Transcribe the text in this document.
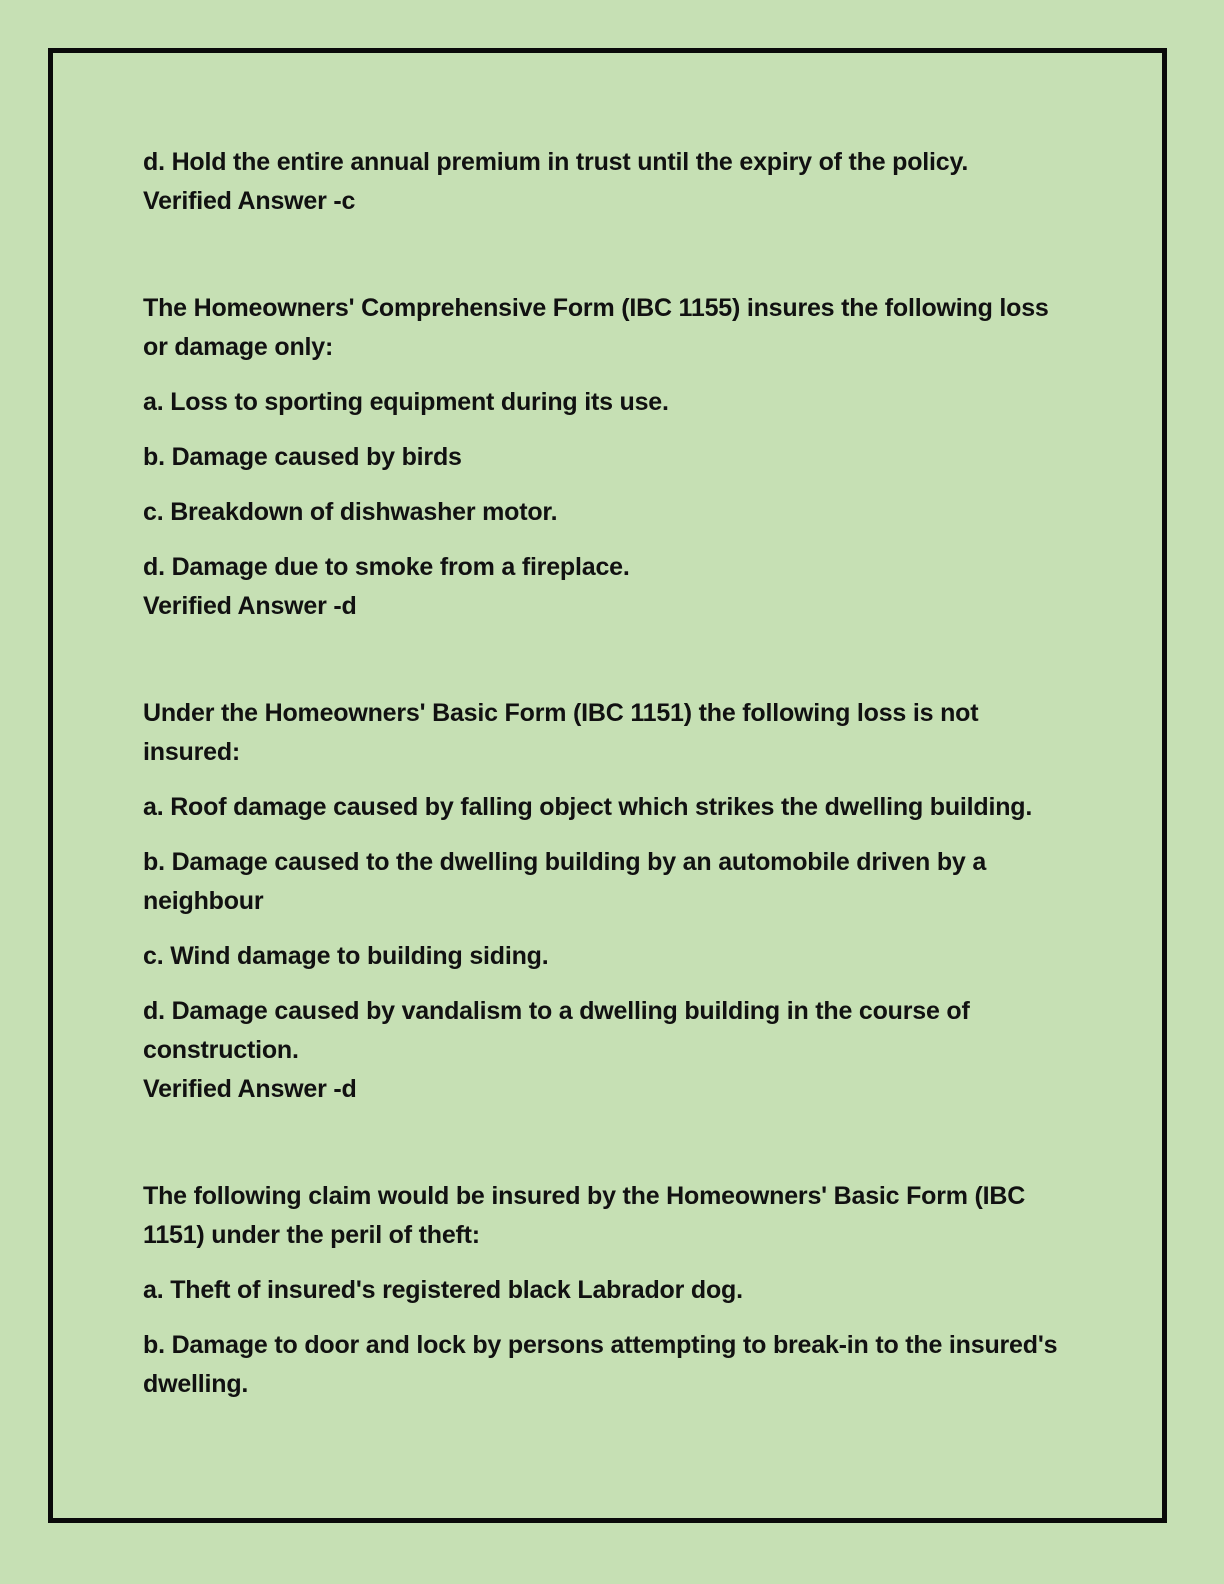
d. Hold the entire annual premium in trust until the expiry of the policy.
Verified Answer -c
The Homeowners' Comprehensive Form (IBC 1155) insures the following loss or damage only:
a. Loss to sporting equipment during its use.
b. Damage caused by birds
c. Breakdown of dishwasher motor.
d. Damage due to smoke from a fireplace.
Verified Answer -d
Under the Homeowners' Basic Form (IBC 1151) the following loss is not insured:
a. Roof damage caused by falling object which strikes the dwelling building.
b. Damage caused to the dwelling building by an automobile driven by a neighbour
c. Wind damage to building siding.
d. Damage caused by vandalism to a dwelling building in the course of construction.
Verified Answer -d
The following claim would be insured by the Homeowners' Basic Form (IBC 1151) under the peril of theft:
a. Theft of insured's registered black Labrador dog.
b. Damage to door and lock by persons attempting to break-in to the insured's dwelling.
